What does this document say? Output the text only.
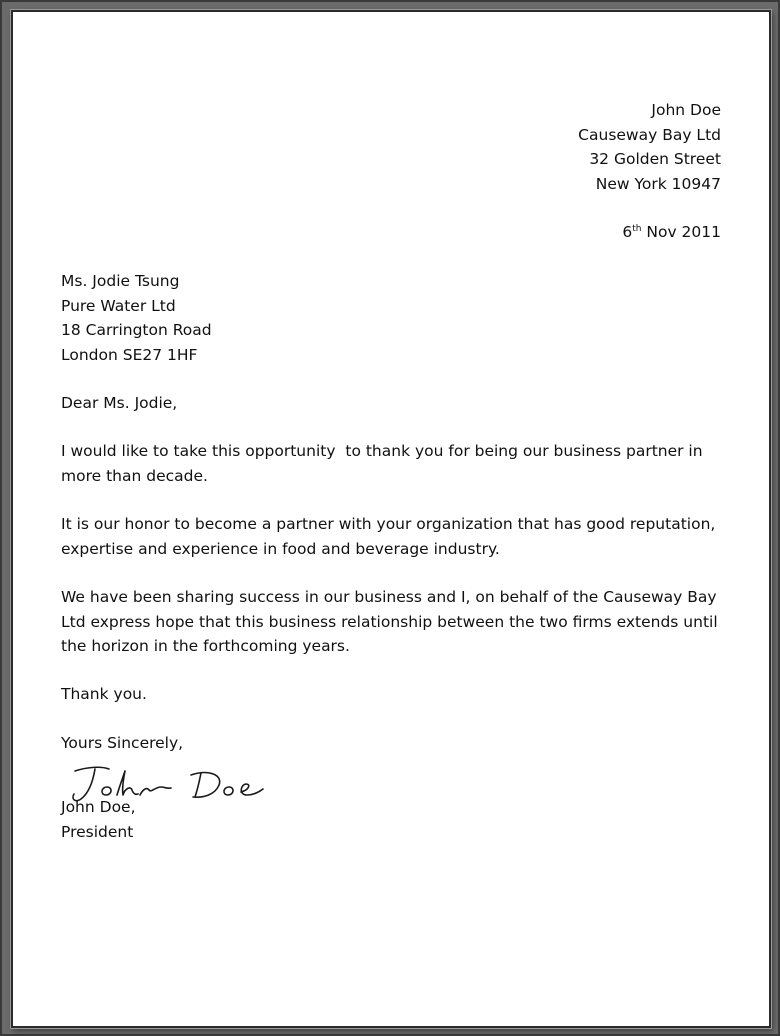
John Doe
Causeway Bay Ltd
32 Golden Street
New York 10947
6th Nov 2011
Ms. Jodie Tsung
Pure Water Ltd
18 Carrington Road
London SE27 1HF
Dear Ms. Jodie,
I would like to take this opportunity  to thank you for being our business partner in more than decade.
It is our honor to become a partner with your organization that has good reputation, expertise and experience in food and beverage industry.
We have been sharing success in our business and I, on behalf of the Causeway Bay Ltd express hope that this business relationship between the two firms extends until the horizon in the forthcoming years.
Thank you.
Yours Sincerely,
John Doe,
President
